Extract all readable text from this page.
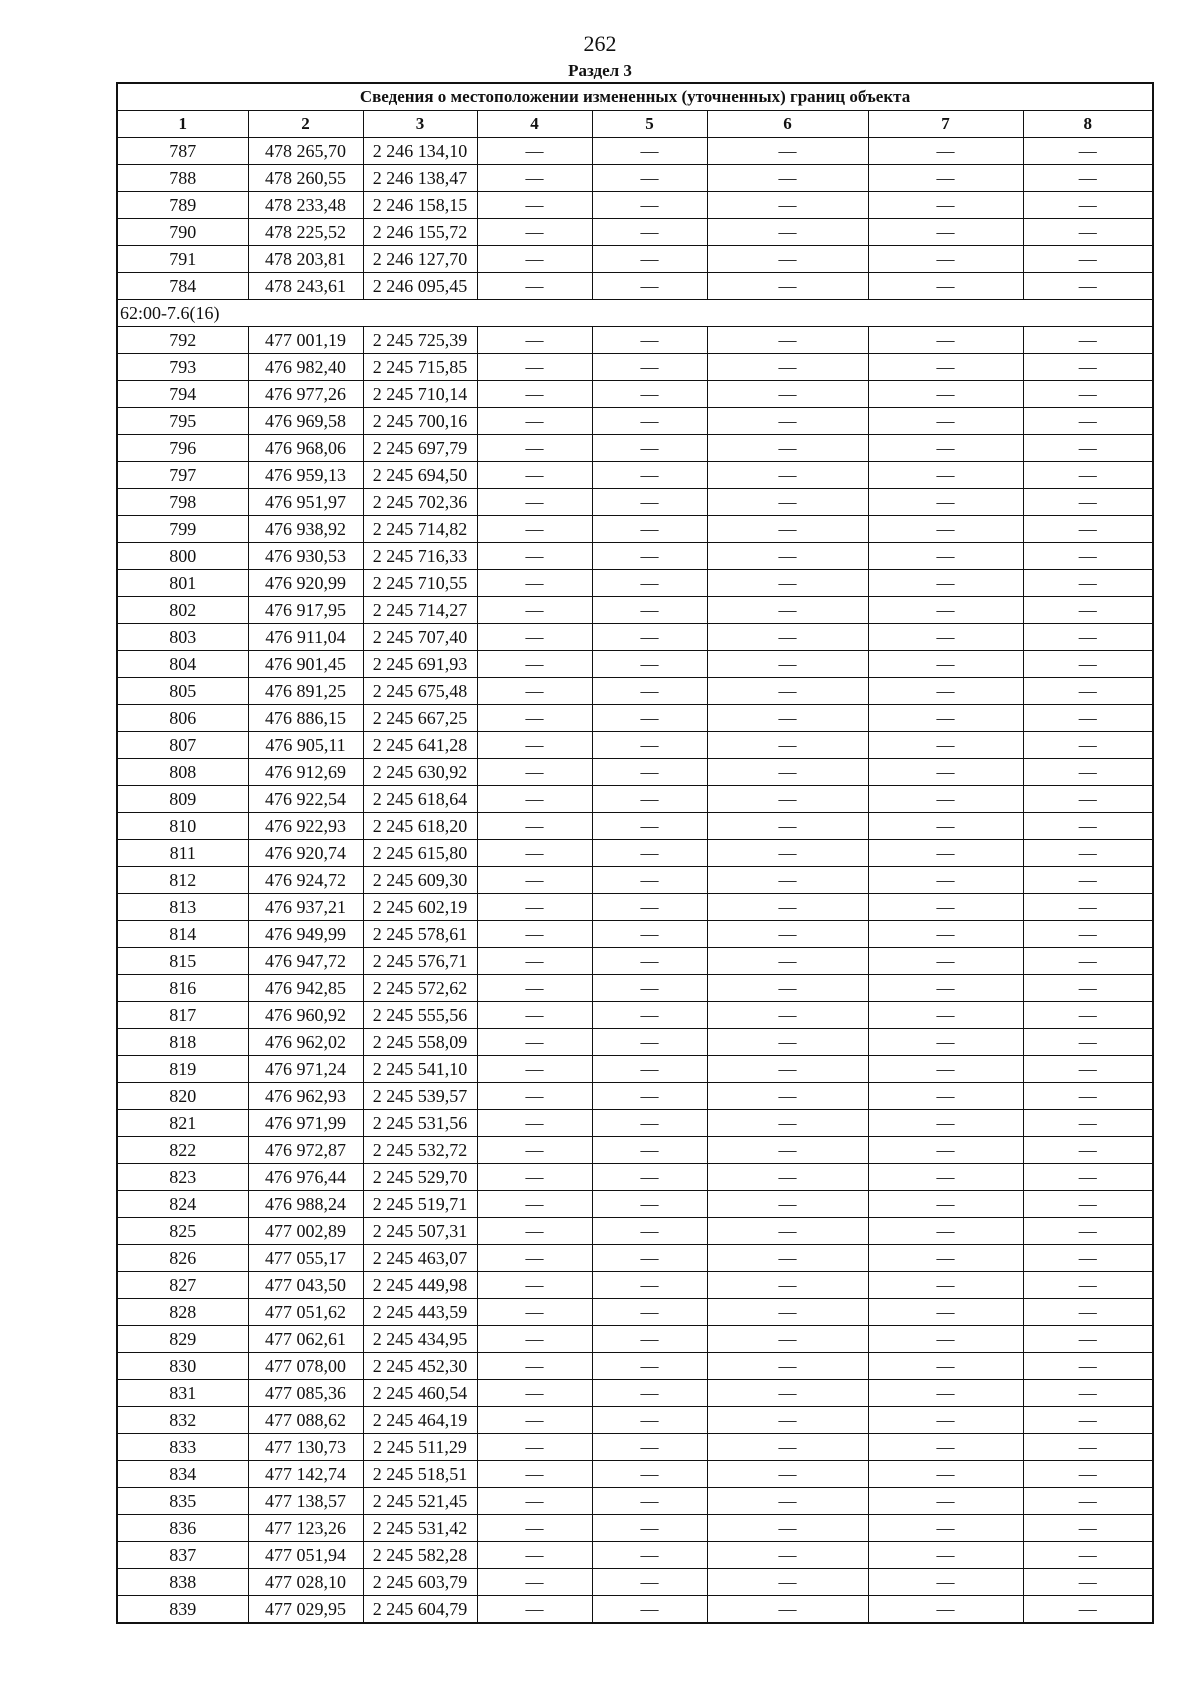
262
Раздел 3
Сведения о местоположении измененных (уточненных) границ объекта							
1	2	3	4	5	6	7	8
787	478 265,70	2 246 134,10	—	—	—	—	—
788	478 260,55	2 246 138,47	—	—	—	—	—
789	478 233,48	2 246 158,15	—	—	—	—	—
790	478 225,52	2 246 155,72	—	—	—	—	—
791	478 203,81	2 246 127,70	—	—	—	—	—
784	478 243,61	2 246 095,45	—	—	—	—	—
62:00-7.6(16)							
792	477 001,19	2 245 725,39	—	—	—	—	—
793	476 982,40	2 245 715,85	—	—	—	—	—
794	476 977,26	2 245 710,14	—	—	—	—	—
795	476 969,58	2 245 700,16	—	—	—	—	—
796	476 968,06	2 245 697,79	—	—	—	—	—
797	476 959,13	2 245 694,50	—	—	—	—	—
798	476 951,97	2 245 702,36	—	—	—	—	—
799	476 938,92	2 245 714,82	—	—	—	—	—
800	476 930,53	2 245 716,33	—	—	—	—	—
801	476 920,99	2 245 710,55	—	—	—	—	—
802	476 917,95	2 245 714,27	—	—	—	—	—
803	476 911,04	2 245 707,40	—	—	—	—	—
804	476 901,45	2 245 691,93	—	—	—	—	—
805	476 891,25	2 245 675,48	—	—	—	—	—
806	476 886,15	2 245 667,25	—	—	—	—	—
807	476 905,11	2 245 641,28	—	—	—	—	—
808	476 912,69	2 245 630,92	—	—	—	—	—
809	476 922,54	2 245 618,64	—	—	—	—	—
810	476 922,93	2 245 618,20	—	—	—	—	—
811	476 920,74	2 245 615,80	—	—	—	—	—
812	476 924,72	2 245 609,30	—	—	—	—	—
813	476 937,21	2 245 602,19	—	—	—	—	—
814	476 949,99	2 245 578,61	—	—	—	—	—
815	476 947,72	2 245 576,71	—	—	—	—	—
816	476 942,85	2 245 572,62	—	—	—	—	—
817	476 960,92	2 245 555,56	—	—	—	—	—
818	476 962,02	2 245 558,09	—	—	—	—	—
819	476 971,24	2 245 541,10	—	—	—	—	—
820	476 962,93	2 245 539,57	—	—	—	—	—
821	476 971,99	2 245 531,56	—	—	—	—	—
822	476 972,87	2 245 532,72	—	—	—	—	—
823	476 976,44	2 245 529,70	—	—	—	—	—
824	476 988,24	2 245 519,71	—	—	—	—	—
825	477 002,89	2 245 507,31	—	—	—	—	—
826	477 055,17	2 245 463,07	—	—	—	—	—
827	477 043,50	2 245 449,98	—	—	—	—	—
828	477 051,62	2 245 443,59	—	—	—	—	—
829	477 062,61	2 245 434,95	—	—	—	—	—
830	477 078,00	2 245 452,30	—	—	—	—	—
831	477 085,36	2 245 460,54	—	—	—	—	—
832	477 088,62	2 245 464,19	—	—	—	—	—
833	477 130,73	2 245 511,29	—	—	—	—	—
834	477 142,74	2 245 518,51	—	—	—	—	—
835	477 138,57	2 245 521,45	—	—	—	—	—
836	477 123,26	2 245 531,42	—	—	—	—	—
837	477 051,94	2 245 582,28	—	—	—	—	—
838	477 028,10	2 245 603,79	—	—	—	—	—
839	477 029,95	2 245 604,79	—	—	—	—	—
